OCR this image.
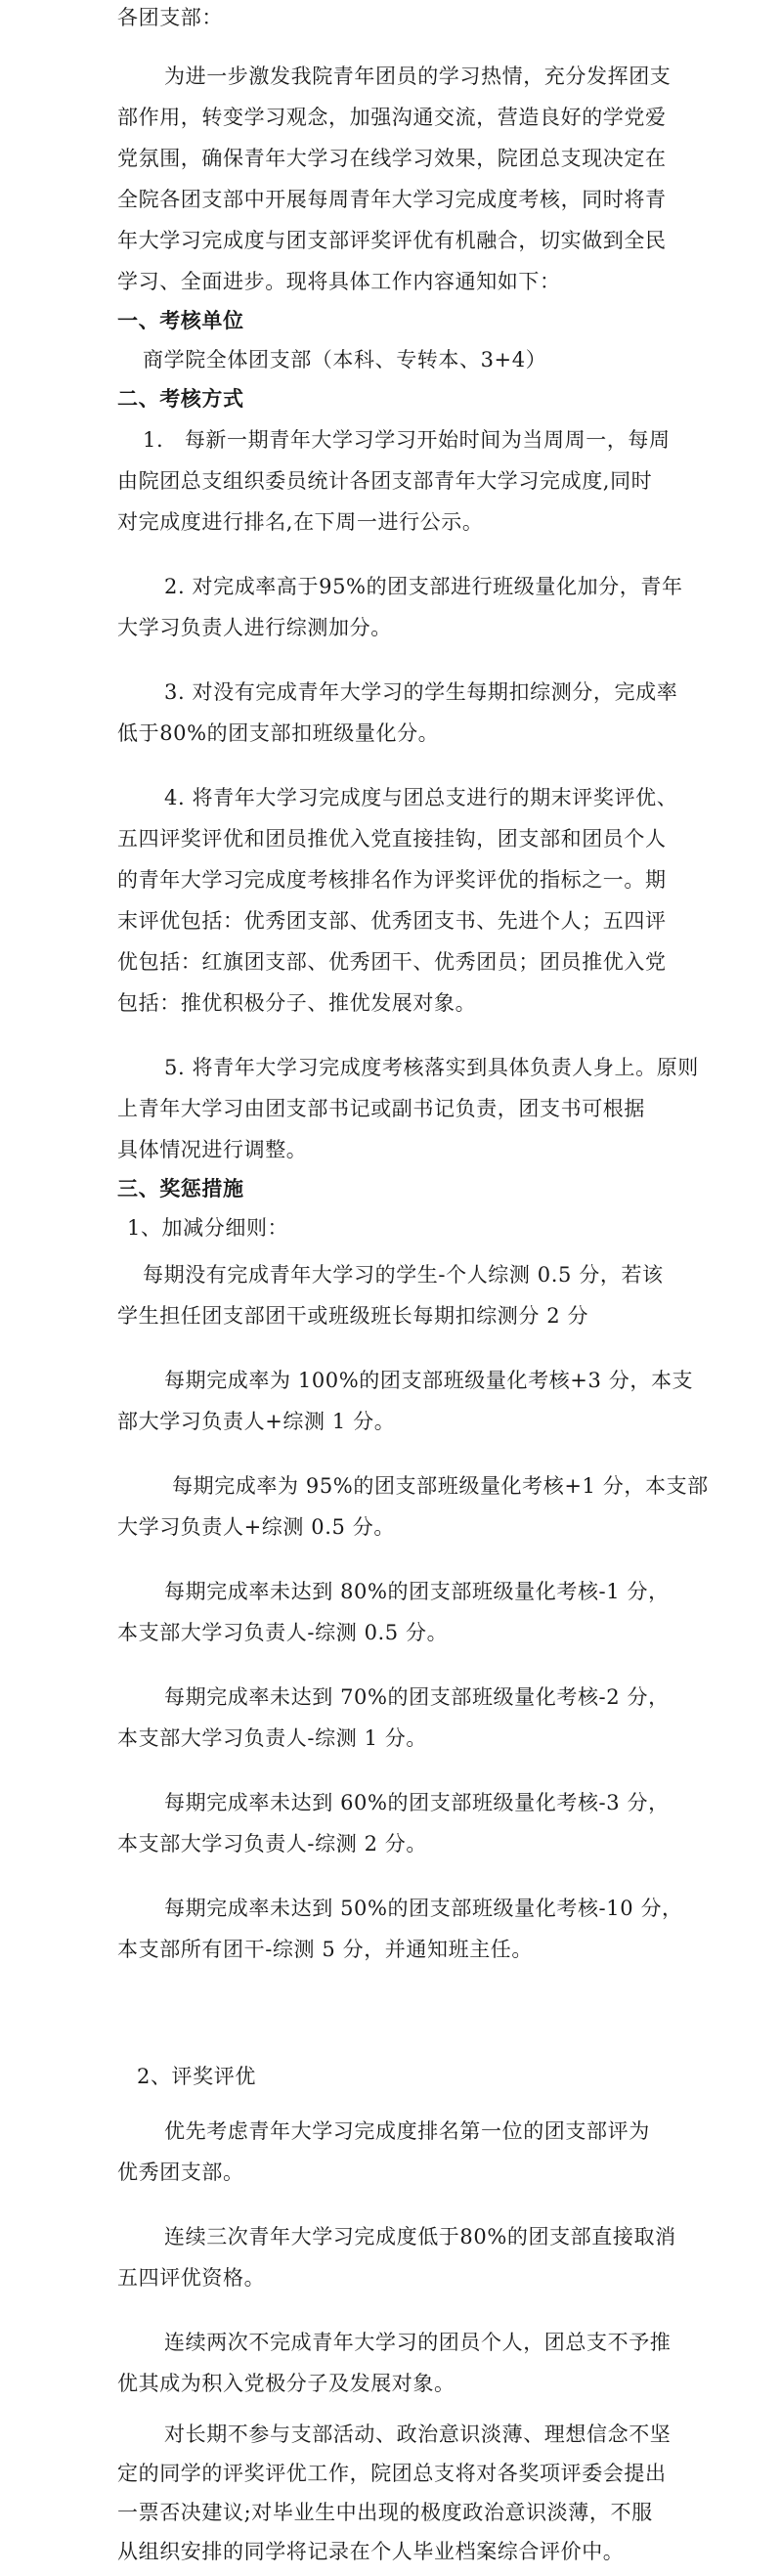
各团支部：
为进一步激发我院青年团员的学习热情，充分发挥团支
部作用，转变学习观念，加强沟通交流，营造良好的学党爱
党氛围，确保青年大学习在线学习效果，院团总支现决定在
全院各团支部中开展每周青年大学习完成度考核，同时将青
年大学习完成度与团支部评奖评优有机融合，切实做到全民
学习、全面进步。现将具体工作内容通知如下：
一、考核单位
商学院全体团支部（本科、专转本、3+4）
二、考核方式
1.　每新一期青年大学习学习开始时间为当周周一，每周
由院团总支组织委员统计各团支部青年大学习完成度,同时
对完成度进行排名,在下周一进行公示。
2. 对完成率高于95%的团支部进行班级量化加分，青年
大学习负责人进行综测加分。
3. 对没有完成青年大学习的学生每期扣综测分，完成率
低于80%的团支部扣班级量化分。
4. 将青年大学习完成度与团总支进行的期末评奖评优、
五四评奖评优和团员推优入党直接挂钩，团支部和团员个人
的青年大学习完成度考核排名作为评奖评优的指标之一。期
末评优包括：优秀团支部、优秀团支书、先进个人；五四评
优包括：红旗团支部、优秀团干、优秀团员；团员推优入党
包括：推优积极分子、推优发展对象。
5. 将青年大学习完成度考核落实到具体负责人身上。原则
上青年大学习由团支部书记或副书记负责，团支书可根据
具体情况进行调整。
三、奖惩措施
1、加减分细则：
每期没有完成青年大学习的学生-个人综测 0.5 分，若该
学生担任团支部团干或班级班长每期扣综测分 2 分
每期完成率为 100%的团支部班级量化考核+3 分，本支
部大学习负责人+综测 1 分。
每期完成率为 95%的团支部班级量化考核+1 分，本支部
大学习负责人+综测 0.5 分。
每期完成率未达到 80%的团支部班级量化考核-1 分，
本支部大学习负责人-综测 0.5 分。
每期完成率未达到 70%的团支部班级量化考核-2 分，
本支部大学习负责人-综测 1 分。
每期完成率未达到 60%的团支部班级量化考核-3 分，
本支部大学习负责人-综测 2 分。
每期完成率未达到 50%的团支部班级量化考核-10 分，
本支部所有团干-综测 5 分，并通知班主任。
2、评奖评优
优先考虑青年大学习完成度排名第一位的团支部评为
优秀团支部。
连续三次青年大学习完成度低于80%的团支部直接取消
五四评优资格。
连续两次不完成青年大学习的团员个人，团总支不予推
优其成为积入党极分子及发展对象。
对长期不参与支部活动、政治意识淡薄、理想信念不坚
定的同学的评奖评优工作，院团总支将对各奖项评委会提出
一票否决建议;对毕业生中出现的极度政治意识淡薄，不服
从组织安排的同学将记录在个人毕业档案综合评价中。
